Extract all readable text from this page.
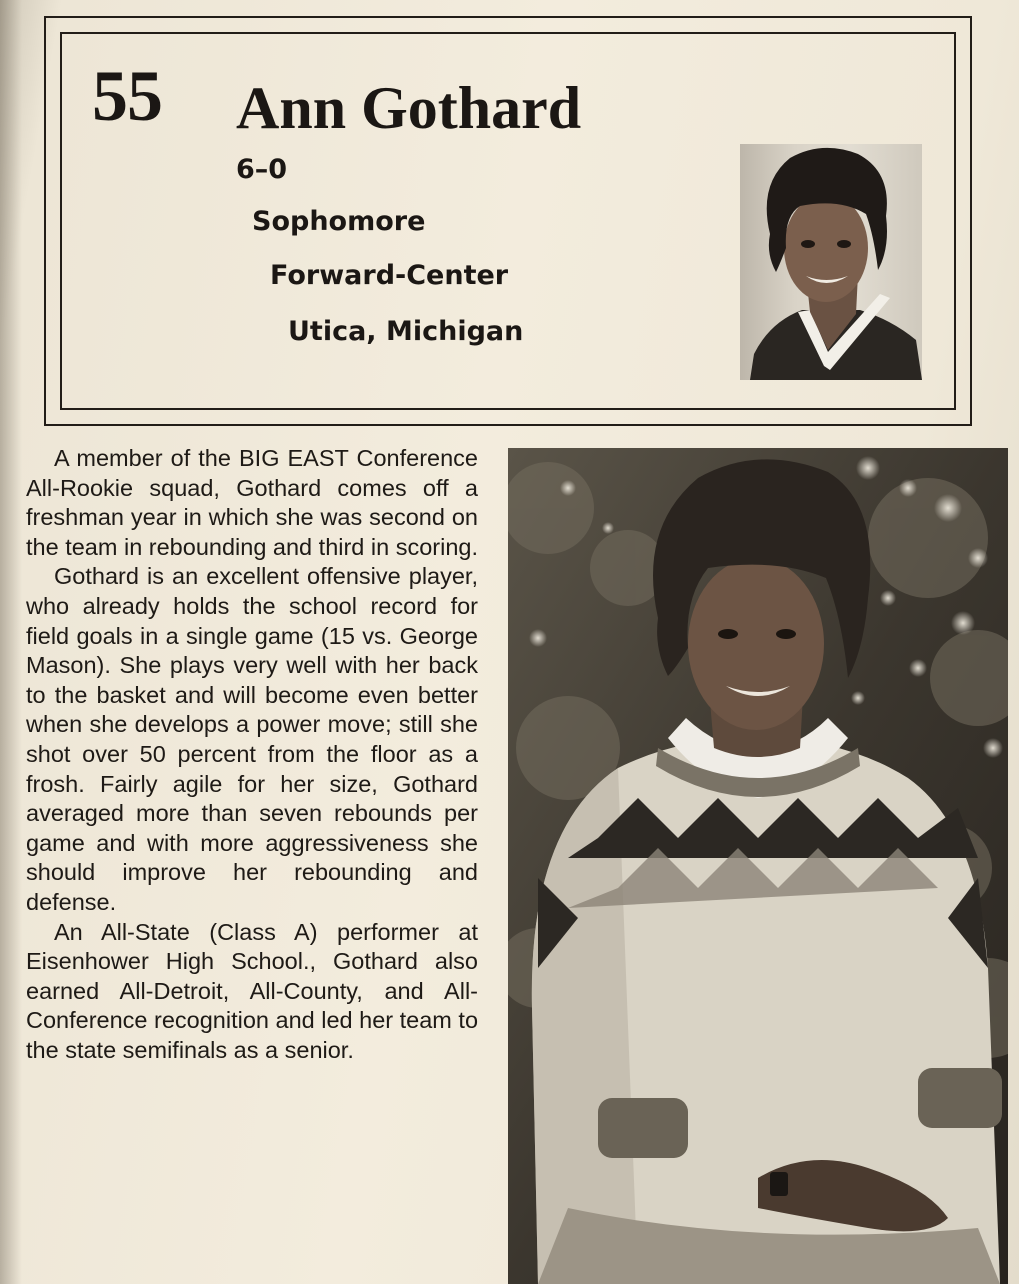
55 Ann Gothard
6–0
Sophomore
Forward-Center
Utica, Michigan

A member of the BIG EAST Conference All-Rookie squad, Gothard comes off a freshman year in which she was second on the team in rebounding and third in scoring.

Gothard is an excellent offensive player, who already holds the school record for field goals in a single game (15 vs. George Mason). She plays very well with her back to the basket and will become even better when she develops a power move; still she shot over 50 percent from the floor as a frosh. Fairly agile for her size, Gothard averaged more than seven rebounds per game and with more aggressiveness she should improve her rebounding and defense.

An All-State (Class A) performer at Eisenhower High School., Gothard also earned All-Detroit, All-County, and All-Conference recognition and led her team to the state semifinals as a senior.
